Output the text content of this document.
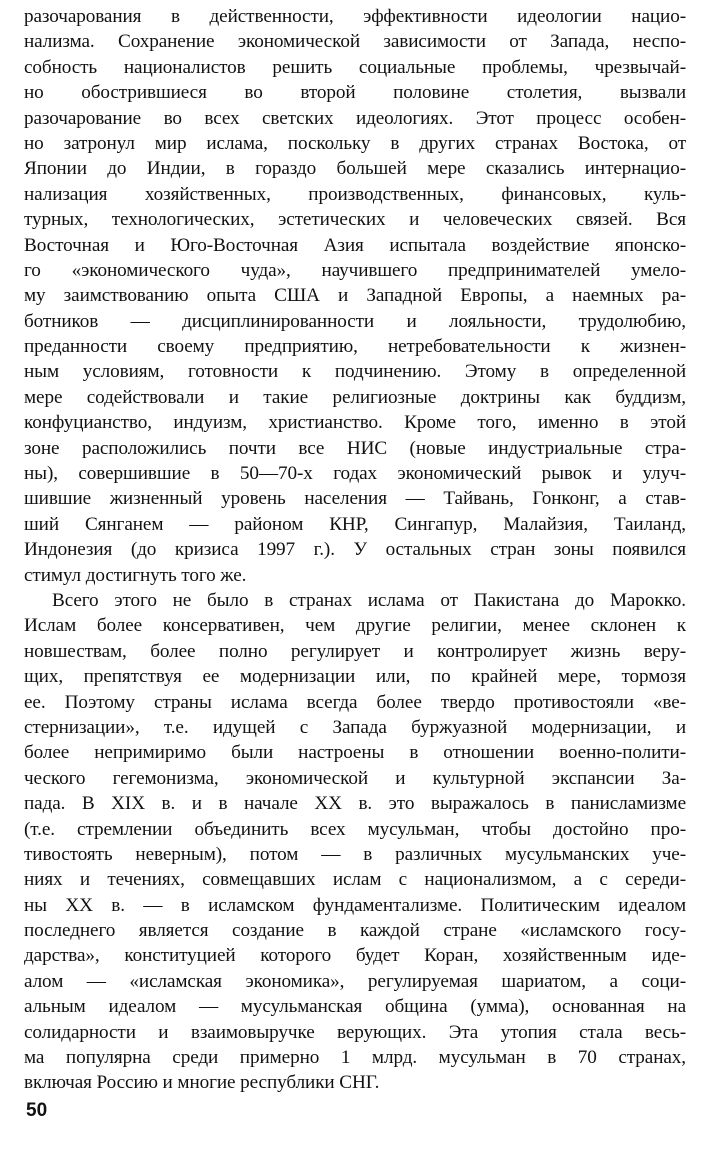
разочарования в действенности, эффективности идеологии нацио-
нализма. Сохранение экономической зависимости от Запада, неспо-
собность националистов решить социальные проблемы, чрезвычай-
но обострившиеся во второй половине столетия, вызвали
разочарование во всех светских идеологиях. Этот процесс особен-
но затронул мир ислама, поскольку в других странах Востока, от
Японии до Индии, в гораздо большей мере сказались интернацио-
нализация хозяйственных, производственных, финансовых, куль-
турных, технологических, эстетических и человеческих связей. Вся
Восточная и Юго-Восточная Азия испытала воздействие японско-
го «экономического чуда», научившего предпринимателей умело-
му заимствованию опыта США и Западной Европы, а наемных ра-
ботников — дисциплинированности и лояльности, трудолюбию,
преданности своему предприятию, нетребовательности к жизнен-
ным условиям, готовности к подчинению. Этому в определенной
мере содействовали и такие религиозные доктрины как буддизм,
конфуцианство, индуизм, христианство. Кроме того, именно в этой
зоне расположились почти все НИС (новые индустриальные стра-
ны), совершившие в 50—70-х годах экономический рывок и улуч-
шившие жизненный уровень населения — Тайвань, Гонконг, а став-
ший Сянганем — районом КНР, Сингапур, Малайзия, Таиланд,
Индонезия (до кризиса 1997 г.). У остальных стран зоны появился
стимул достигнуть того же.
Всего этого не было в странах ислама от Пакистана до Марокко.
Ислам более консервативен, чем другие религии, менее склонен к
новшествам, более полно регулирует и контролирует жизнь веру-
щих, препятствуя ее модернизации или, по крайней мере, тормозя
ее. Поэтому страны ислама всегда более твердо противостояли «ве-
стернизации», т.е. идущей с Запада буржуазной модернизации, и
более непримиримо были настроены в отношении военно-полити-
ческого гегемонизма, экономической и культурной экспансии За-
пада. В XIX в. и в начале XX в. это выражалось в панисламизме
(т.е. стремлении объединить всех мусульман, чтобы достойно про-
тивостоять неверным), потом — в различных мусульманских уче-
ниях и течениях, совмещавших ислам с национализмом, а с середи-
ны XX в. — в исламском фундаментализме. Политическим идеалом
последнего является создание в каждой стране «исламского госу-
дарства», конституцией которого будет Коран, хозяйственным иде-
алом — «исламская экономика», регулируемая шариатом, а соци-
альным идеалом — мусульманская община (умма), основанная на
солидарности и взаимовыручке верующих. Эта утопия стала весь-
ма популярна среди примерно 1 млрд. мусульман в 70 странах,
включая Россию и многие республики СНГ.
50
